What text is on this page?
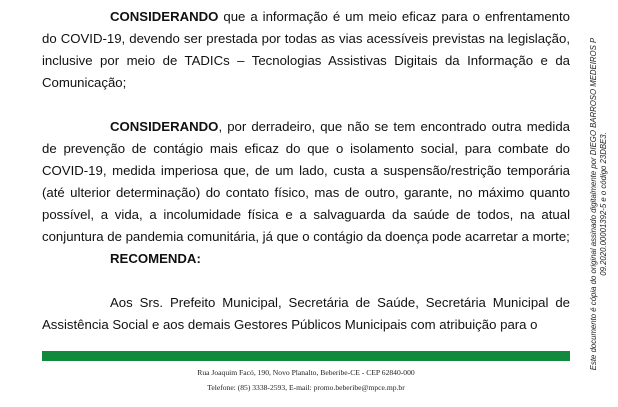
CONSIDERANDO que a informação é um meio eficaz para o enfrentamento do COVID-19, devendo ser prestada por todas as vias acessíveis previstas na legislação, inclusive por meio de TADICs – Tecnologias Assistivas Digitais da Informação e da Comunicação;

CONSIDERANDO, por derradeiro, que não se tem encontrado outra medida de prevenção de contágio mais eficaz do que o isolamento social, para combate do COVID-19, medida imperiosa que, de um lado, custa a suspensão/restrição temporária (até ulterior determinação) do contato físico, mas de outro, garante, no máximo quanto possível, a vida, a incolumidade física e a salvaguarda da saúde de todos, na atual conjuntura de pandemia comunitária, já que o contágio da doença pode acarretar a morte;

RECOMENDA:

Aos Srs. Prefeito Municipal, Secretária de Saúde, Secretária Municipal de Assistência Social e aos demais Gestores Públicos Municipais com atribuição para o

Rua Joaquim Facó, 190, Novo Planalto, Beberibe-CE - CEP 62840-000
Telefone: (85) 3338-2593, E-mail: promo.beberibe@mpce.mp.br
Este documento é cópia do original assinado digitalmente por DIEGO BARROSO MEDEIROS P 09.2020.00001392-5 e o código 23DBE3.
